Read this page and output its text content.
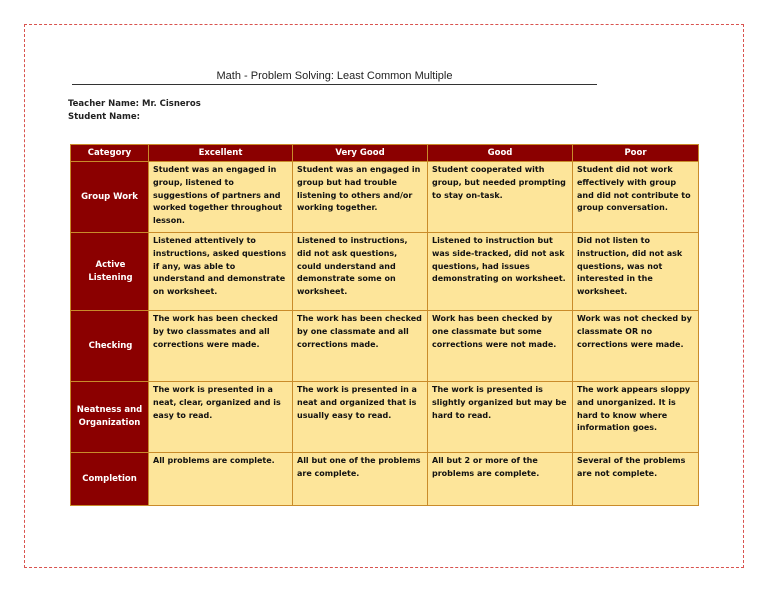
Math - Problem Solving: Least Common Multiple
Teacher Name: Mr. Cisneros
Student Name:
Category	Excellent	Very Good	Good	Poor
Group Work	Student was an engaged in group, listened to suggestions of partners and worked together throughout lesson.	Student was an engaged in group but had trouble listening to others and/or working together.	Student cooperated with group, but needed prompting to stay on-task.	Student did not work effectively with group and did not contribute to group conversation.
Active Listening	Listened attentively to instructions, asked questions if any, was able to understand and demonstrate on worksheet.	Listened to instructions, did not ask questions, could understand and demonstrate some on worksheet.	Listened to instruction but was side-tracked, did not ask questions, had issues demonstrating on worksheet.	Did not listen to instruction, did not ask questions, was not interested in the worksheet.
Checking	The work has been checked by two classmates and all corrections were made.	The work has been checked by one classmate and all corrections made.	Work has been checked by one classmate but some corrections were not made.	Work was not checked by classmate OR no corrections were made.
Neatness and Organization	The work is presented in a neat, clear, organized and is easy to read.	The work is presented in a neat and organized that is usually easy to read.	The work is presented is slightly organized but may be hard to read.	The work appears sloppy and unorganized. It is hard to know where information goes.
Completion	All problems are complete.	All but one of the problems are complete.	All but 2 or more of the problems are complete.	Several of the problems are not complete.
